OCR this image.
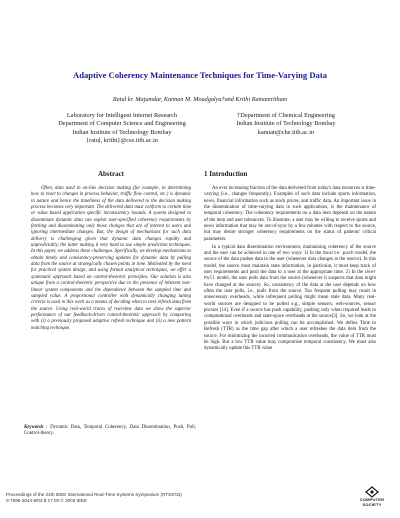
Adaptive Coherency Maintenance Techniques for Time-Varying Data
Ratul kr. Majumdar, Kannan M. Moudgalya†and Krithi Ramamritham
Laboratory for Intelligent Internet Research
Department of Computer Science and Engineering
Indian Institute of Technology Bombay
{ratul, krithi}@cse.iitb.ac.in
†Department of Chemical Engineering
Indian Institute of Technology Bombay
kannan@che.iitb.ac.in
Abstract	1 Introduction

Often, data used in on-line decision making (for example, in determining how to react to changes in process behavior, traffic flow control, etc.) is dynamic in nature and hence the timeliness of the data delivered to the decision making process becomes very important. The delivered data must conform to certain time or value based application specific inconsistency bounds. A system designed to disseminate dynamic data can exploit user-specified coherency requirements by fetching and disseminating only those changes that are of interest to users and ignoring intermediate changes. But, the design of mechanisms for such data delivery is challenging given that dynamic data changes rapidly and unpredictably, the latter making it very hard to use simple prediction techniques. In this paper, we address these challenges. Specifically, we develop mechanisms to obtain timely and consistency-preserving updates for dynamic data by pulling data from the source at strategically chosen points in time. Motivated by the need for practical system design, and using formal analytical techniques, we offer a systematic approach based on control-theoretic principles. Our solution is also unique from a control-theoretic perspective due to the presence of inherent non-linear system components and the dependence between the sampled time and sampled value. A proportional controller with dynamically changing tuning criteria is used in this work as a means of deciding when to next refresh data from the source. Using real-world traces of real-time data we show the superior performance of our feedback-driven control-theoretic approach by comparing with (i) a previously proposed adaptive refresh technique and (ii) a new pattern matching technique.

Keywords : Dynamic Data, Temporal Coherency, Data Dissemination, Push, Pull, Control-theory.

An ever increasing fraction of the data delivered from today's data resources is time-varying (i.e., changes frequently). Examples of such data include sports information, news, financial information such as stock prices, and traffic data. An important issue in the dissemination of time-varying data in such applications, is the maintenance of temporal coherency. The coherency requirements on a data item depends on the nature of the item and user tolerances. To illustrate, a user may be willing to receive sports and news information that may be out-of-sync by a few minutes with respect to the source, but may desire stronger coherency requirements on the status of patients' critical parameters.

In a typical data dissemination environment, maintaining coherency of the source and the user can be achieved in one of two ways: 1) In the Source push model, the source of the data pushes data to the user (whenever data changes at the source). In this model, the source must maintain state information, in particular, it must keep track of user requirements and push the data to a user at the appropriate time. 2) In the User Pull model, the user pulls data from the source (whenever it suspects that data might have changed at the source). So, consistency of the data at the user depends on how often the user polls, i.e., pulls from the source. Too frequent polling may result in unnecessary overheads, while infrequent polling might mean stale data. Many real-world sources are designed to be polled e.g., simple sensors, web-sources, sensor proxies [14]. Even if a source has push capability, pushing only when required leads to computational overheads and state-space overheads at the source[3]. So, we look at the possible ways in which judicious polling can be accomplished. We define Time to Refresh (TTR) as the time gap after which a user refreshes the data item from the source. For minimizing the incurred communication overheads, the value of TTR must be high. But a low TTR value may compromise temporal consistency. We must also dynamically update this TTR value

Proceedings of the 24th IEEE International Real-Time Systems Symposium (RTSS'03)
0-7695-2044-8/03 $ 17.00 © 2003 IEEE	COMPUTER
SOCIETY
